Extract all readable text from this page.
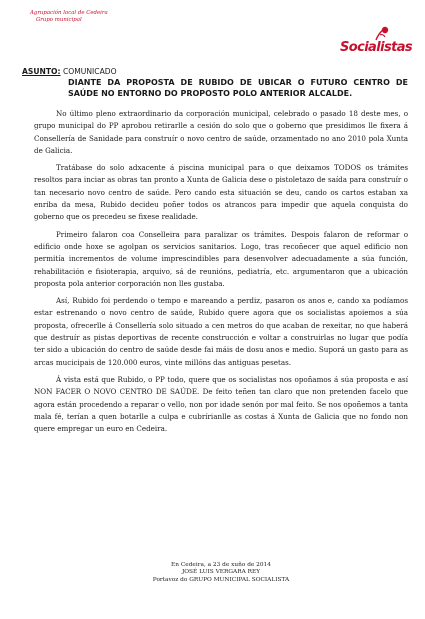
Agrupación local de Cedeira
Grupo municipal
Socialistas
ASUNTO: COMUNICADO
DIANTE DA PROPOSTA DE RUBIDO DE UBICAR O FUTURO CENTRO DE SAÚDE NO ENTORNO DO PROPOSTO POLO ANTERIOR ALCALDE.

No último pleno extraordinario da corporación municipal, celebrado o pasado 18 deste mes, o grupo municipal do PP aprobou retirarlle a cesión do solo que o goberno que presidimos lle fixera á Consellería de Sanidade para construír o novo centro de saúde, orzamentado no ano 2010 pola Xunta de Galicia.

Tratábase do solo adxacente á piscina municipal para o que deixamos TODOS os trámites resoltos para inciar as obras tan pronto a Xunta de Galicia dese o pistoletazo de saída para construír o tan necesario novo centro de saúde. Pero cando esta situación se deu, cando os cartos estaban xa enriba da mesa, Rubido decideu poñer todos os atrancos para impedir que aquela conquista do goberno que os precedeu se fixese realidade.

Primeiro falaron coa Conselleira para paralizar os trámites. Despois falaron de reformar o edificio onde hoxe se agolpan os servicios sanitarios. Logo, tras recoñecer que aquel edificio non permitía incrementos de volume imprescindibles para desenvolver adecuadamente a súa función, rehabilitación e fisioterapia, arquivo, sá de reunións, pediatría, etc. argumentaron que a ubicación proposta pola anterior corporación non lles gustaba.

Así, Rubido foi perdendo o tempo e mareando a perdiz, pasaron os anos e, cando xa podíamos estar estrenando o novo centro de saúde, Rubido quere agora que os socialistas apoiemos a súa proposta, ofrecerlle á Consellería solo situado a cen metros do que acaban de rexeitar, no que haberá que destruír as pistas deportivas de recente construcción e voltar a construirlas no lugar que podía ter sido a ubicación do centro de saúde desde fai máis de dosu anos e medio. Suporá un gasto para as arcas mucicipais de 120.000 euros, vinte millóns das antiguas pesetas.

Á vista está que Rubido, o PP todo, quere que os socialistas nos opoñamos á súa proposta e así NON FACER O NOVO CENTRO DE SAÚDE. De feito teñen tan claro que non pretenden facelo que agora están procedendo a reparar o vello, non por idade senón por mal feito. Se nos opoñemos a tanta mala fé, terían a quen botarlle a culpa e cubrírianlle as costas á Xunta de Galicia que no fondo non quere empregar un euro en Cedeira.

En Cedeira, a 23 de xuño de 2014
JOSÉ LUIS VERGARA REY
Portavoz do GRUPO MUNICIPAL SOCIALISTA
